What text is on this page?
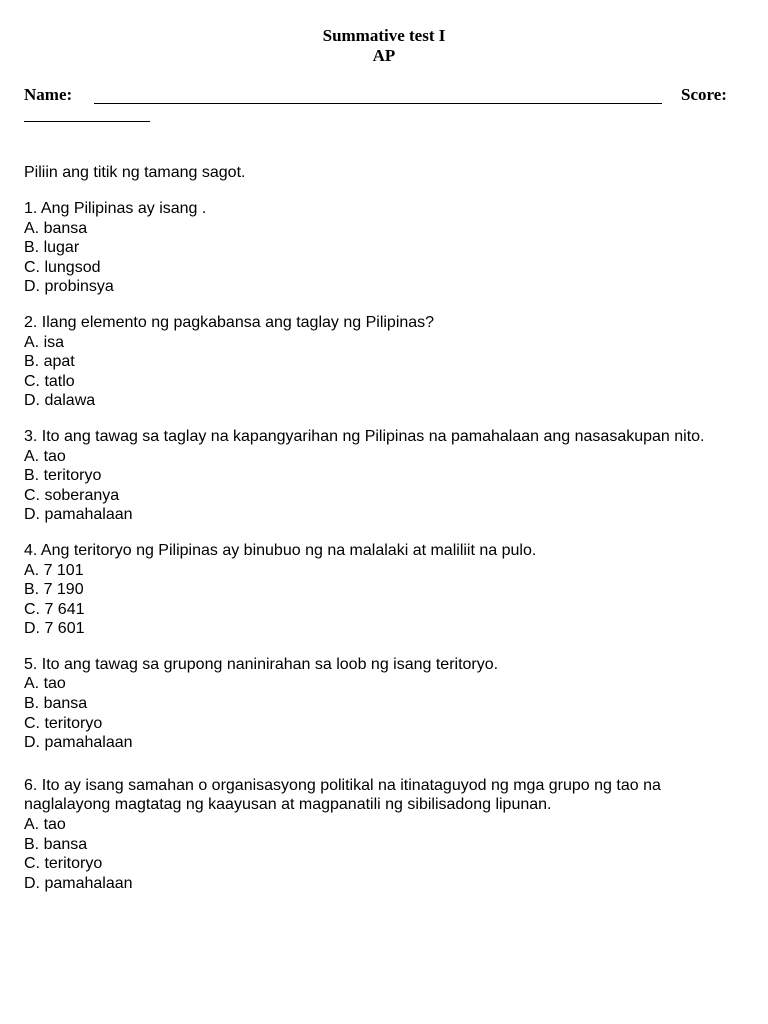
Summative test I
AP
Name:	Score:
Piliin ang titik ng tamang sagot.
1. Ang Pilipinas ay isang .
A. bansa
B. lugar
C. lungsod
D. probinsya
2. Ilang elemento ng pagkabansa ang taglay ng Pilipinas?
A. isa
B. apat
C. tatlo
D. dalawa
3. Ito ang tawag sa taglay na kapangyarihan ng Pilipinas na pamahalaan ang nasasakupan nito.
A. tao
B. teritoryo
C. soberanya
D. pamahalaan
4. Ang teritoryo ng Pilipinas ay binubuo ng na malalaki at maliliit na pulo.
A. 7 101
B. 7 190
C. 7 641
D. 7 601
5. Ito ang tawag sa grupong naninirahan sa loob ng isang teritoryo.
A. tao
B. bansa
C. teritoryo
D. pamahalaan
6. Ito ay isang samahan o organisasyong politikal na itinataguyod ng mga grupo ng tao na naglalayong magtatag ng kaayusan at magpanatili ng sibilisadong lipunan.
A. tao
B. bansa
C. teritoryo
D. pamahalaan
